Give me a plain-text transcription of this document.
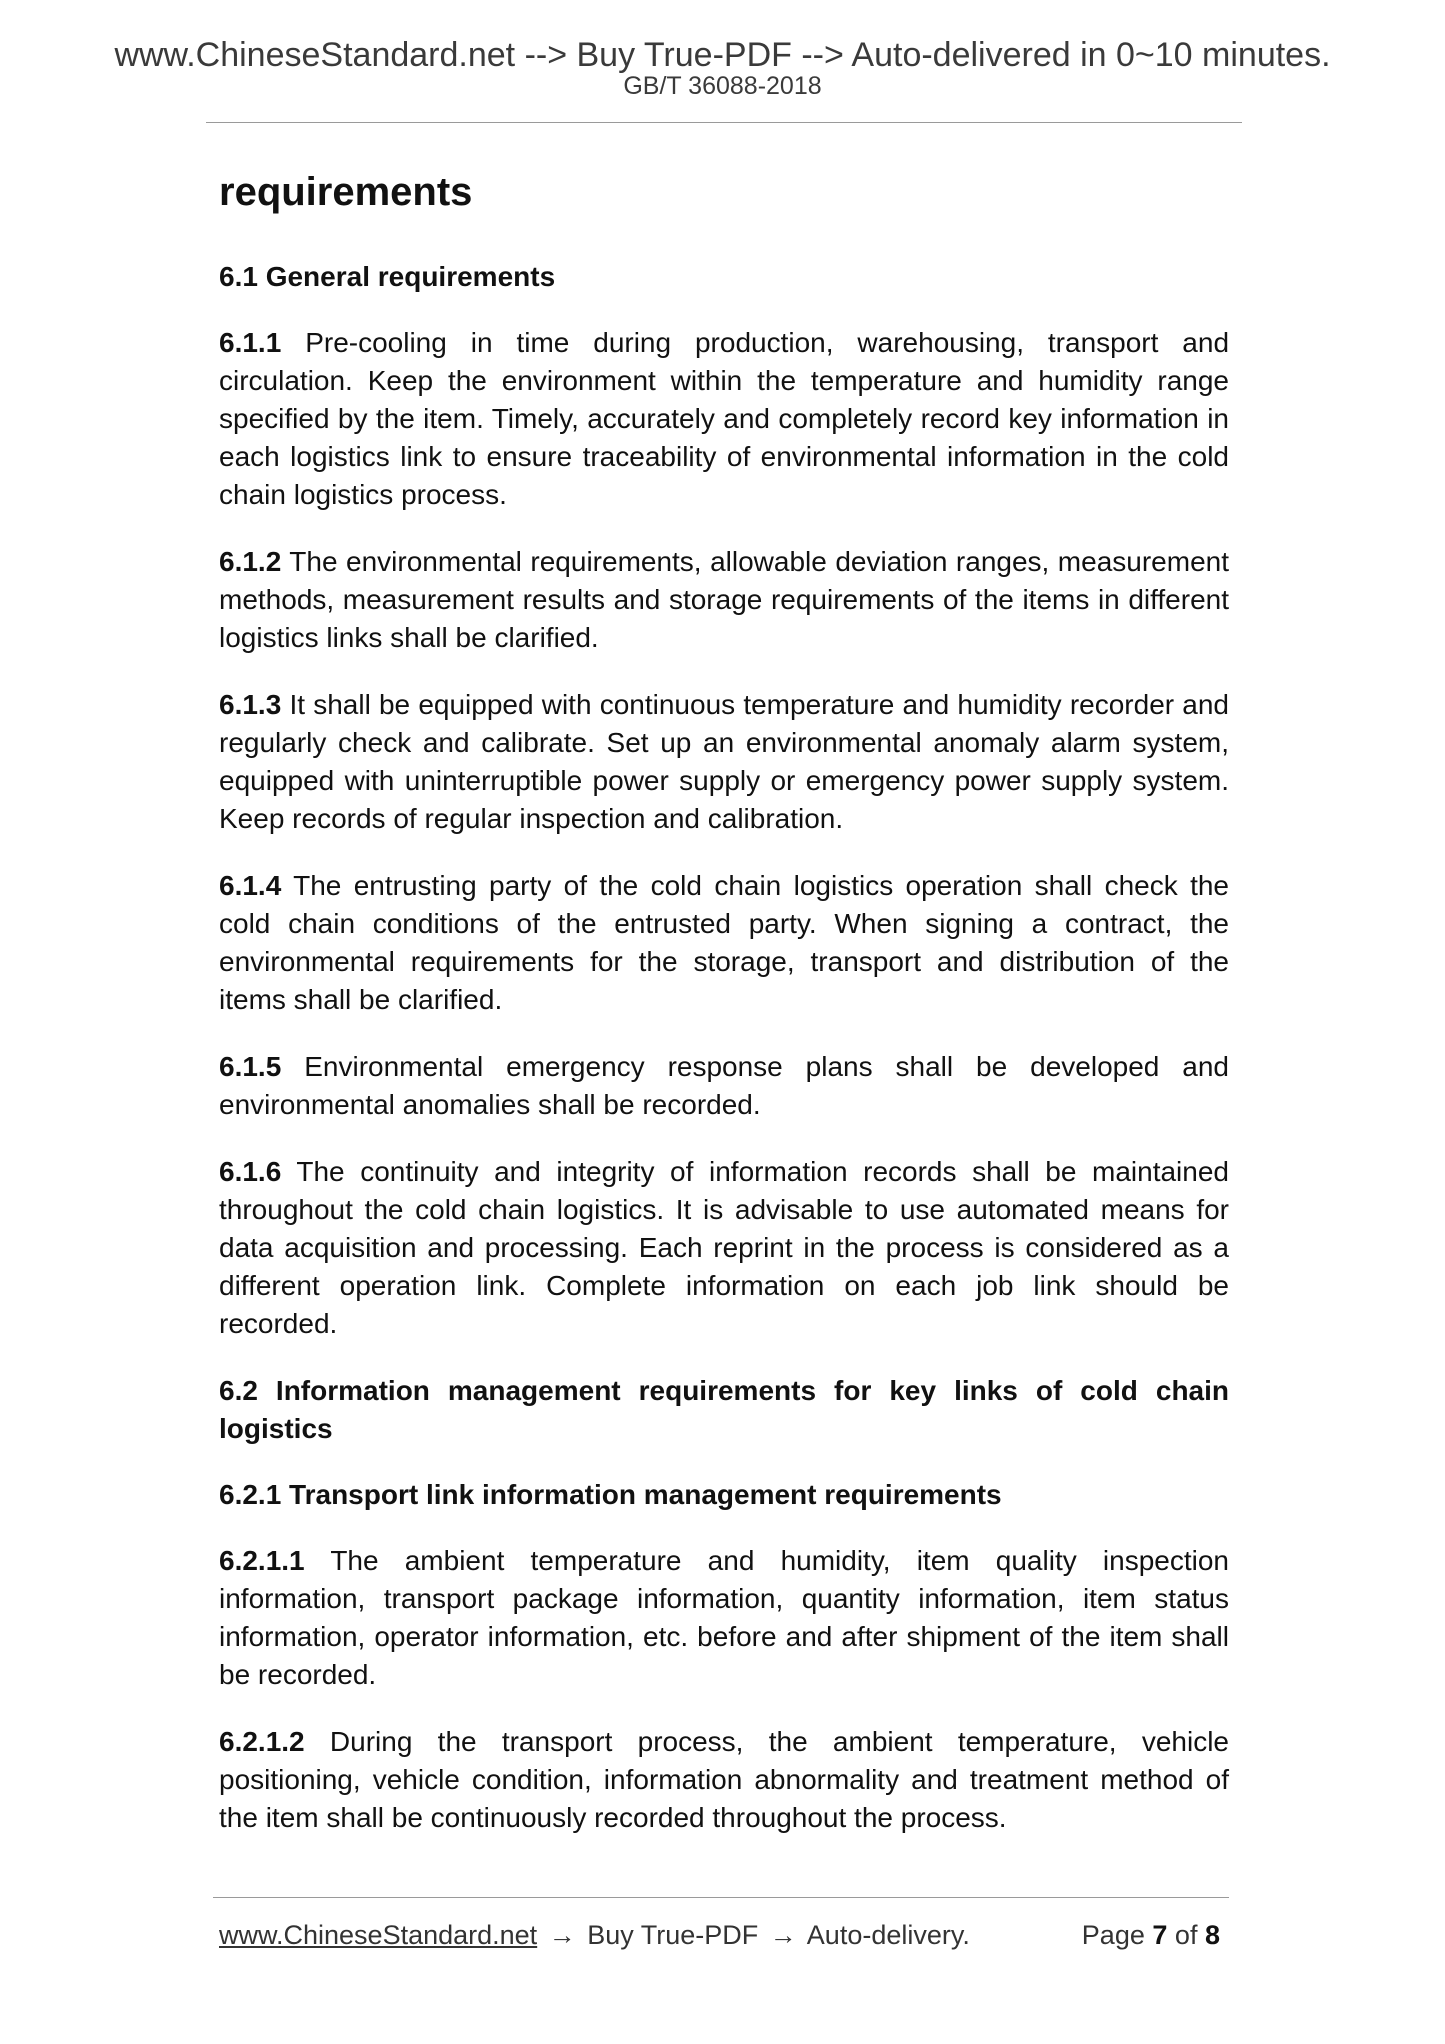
www.ChineseStandard.net --> Buy True-PDF --> Auto-delivered in 0~10 minutes.
GB/T 36088-2018
requirements
6.1 General requirements

6.1.1 Pre-cooling in time during production, warehousing, transport and circulation. Keep the environment within the temperature and humidity range specified by the item. Timely, accurately and completely record key information in each logistics link to ensure traceability of environmental information in the cold chain logistics process.

6.1.2 The environmental requirements, allowable deviation ranges, measurement methods, measurement results and storage requirements of the items in different logistics links shall be clarified.

6.1.3 It shall be equipped with continuous temperature and humidity recorder and regularly check and calibrate. Set up an environmental anomaly alarm system, equipped with uninterruptible power supply or emergency power supply system. Keep records of regular inspection and calibration.

6.1.4 The entrusting party of the cold chain logistics operation shall check the cold chain conditions of the entrusted party. When signing a contract, the environmental requirements for the storage, transport and distribution of the items shall be clarified.

6.1.5 Environmental emergency response plans shall be developed and environmental anomalies shall be recorded.

6.1.6 The continuity and integrity of information records shall be maintained throughout the cold chain logistics. It is advisable to use automated means for data acquisition and processing. Each reprint in the process is considered as a different operation link. Complete information on each job link should be recorded.

6.2 Information management requirements for key links of cold chain logistics
6.2.1 Transport link information management requirements

6.2.1.1 The ambient temperature and humidity, item quality inspection information, transport package information, quantity information, item status information, operator information, etc. before and after shipment of the item shall be recorded.

6.2.1.2 During the transport process, the ambient temperature, vehicle positioning, vehicle condition, information abnormality and treatment method of the item shall be continuously recorded throughout the process.

www.ChineseStandard.net → Buy True-PDF → Auto-delivery.	Page 7 of 8
